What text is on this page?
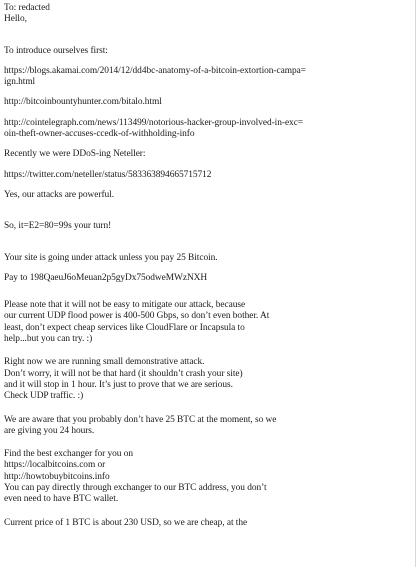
To: redacted
Hello,
To introduce ourselves first:
https://blogs.akamai.com/2014/12/dd4bc-anatomy-of-a-bitcoin-extortion-campa=
ign.html
http://bitcoinbountyhunter.com/bitalo.html
http://cointelegraph.com/news/113499/notorious-hacker-group-involved-in-exc=
oin-theft-owner-accuses-ccedk-of-withholding-info
Recently we were DDoS-ing Neteller:
https://twitter.com/neteller/status/583363894665715712
Yes, our attacks are powerful.
So, it=E2=80=99s your turn!
Your site is going under attack unless you pay 25 Bitcoin.
Pay to 198QaeuJ6oMeuan2p5gyDx75odweMWzNXH
Please note that it will not be easy to mitigate our attack, because
our current UDP flood power is 400-500 Gbps, so don’t even bother. At
least, don’t expect cheap services like CloudFlare or Incapsula to
help...but you can try. :)
Right now we are running small demonstrative attack.
Don’t worry, it will not be that hard (it shouldn’t crash your site)
and it will stop in 1 hour. It’s just to prove that we are serious.
Check UDP traffic. :)
We are aware that you probably don’t have 25 BTC at the moment, so we
are giving you 24 hours.
Find the best exchanger for you on
https://localbitcoins.com or
http://howtobuybitcoins.info
You can pay directly through exchanger to our BTC address, you don’t
even need to have BTC wallet.
Current price of 1 BTC is about 230 USD, so we are cheap, at the
